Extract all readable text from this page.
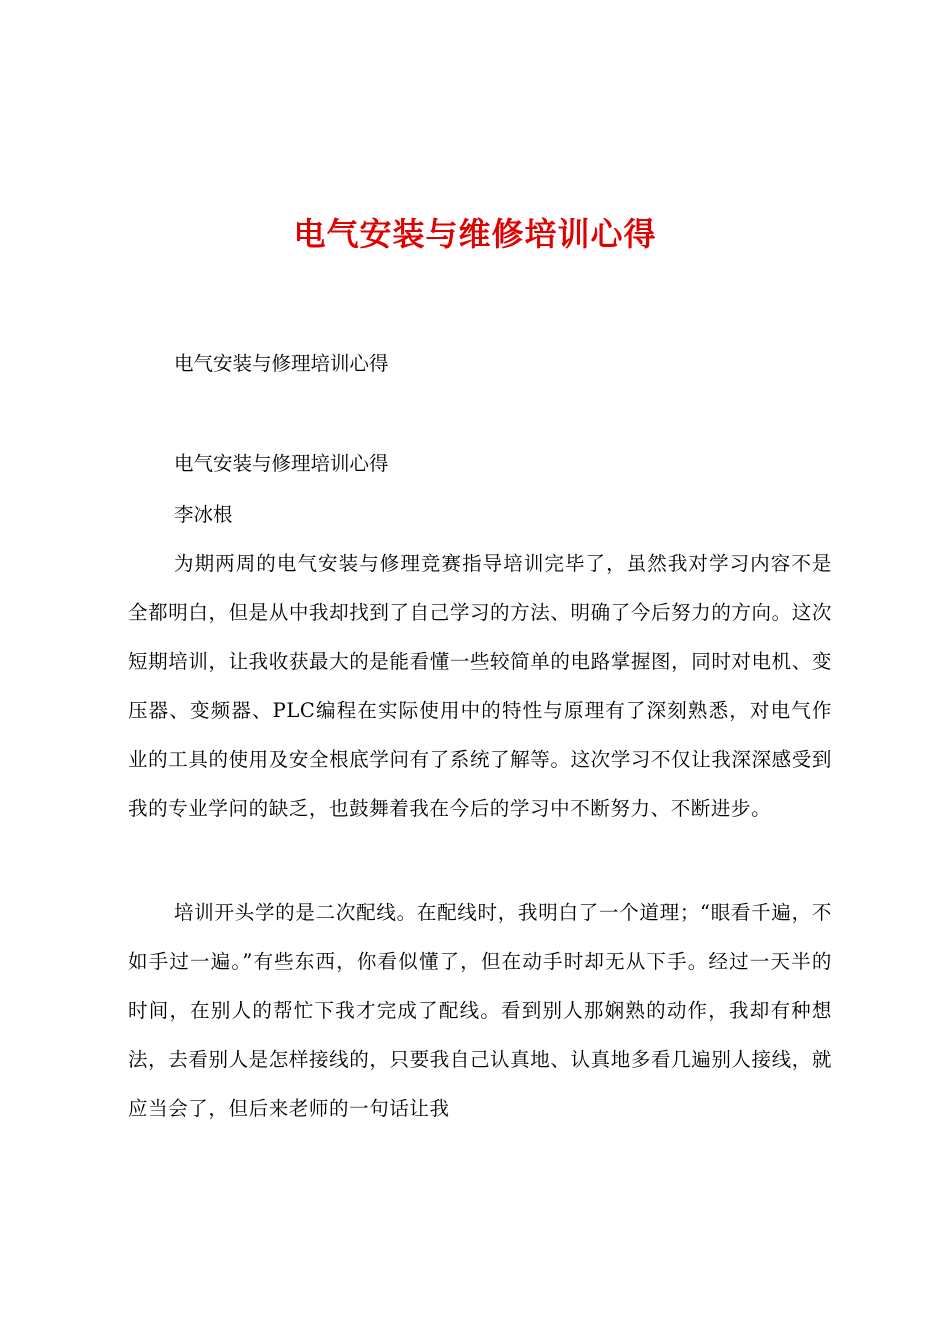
电气安装与维修培训心得

电气安装与修理培训心得

电气安装与修理培训心得

李冰根

为期两周的电气安装与修理竞赛指导培训完毕了，虽然我对学习内容不是全都明白，但是从中我却找到了自己学习的方法、明确了今后努力的方向。这次短期培训，让我收获最大的是能看懂一些较简单的电路掌握图，同时对电机、变压器、变频器、PLC编程在实际使用中的特性与原理有了深刻熟悉，对电气作业的工具的使用及安全根底学问有了系统了解等。这次学习不仅让我深深感受到我的专业学问的缺乏，也鼓舞着我在今后的学习中不断努力、不断进步。

培训开头学的是二次配线。在配线时，我明白了一个道理；“眼看千遍，不如手过一遍。”有些东西，你看似懂了，但在动手时却无从下手。经过一天半的时间，在别人的帮忙下我才完成了配线。看到别人那娴熟的动作，我却有种想法，去看别人是怎样接线的，只要我自己认真地、认真地多看几遍别人接线，就应当会了，但后来老师的一句话让我
